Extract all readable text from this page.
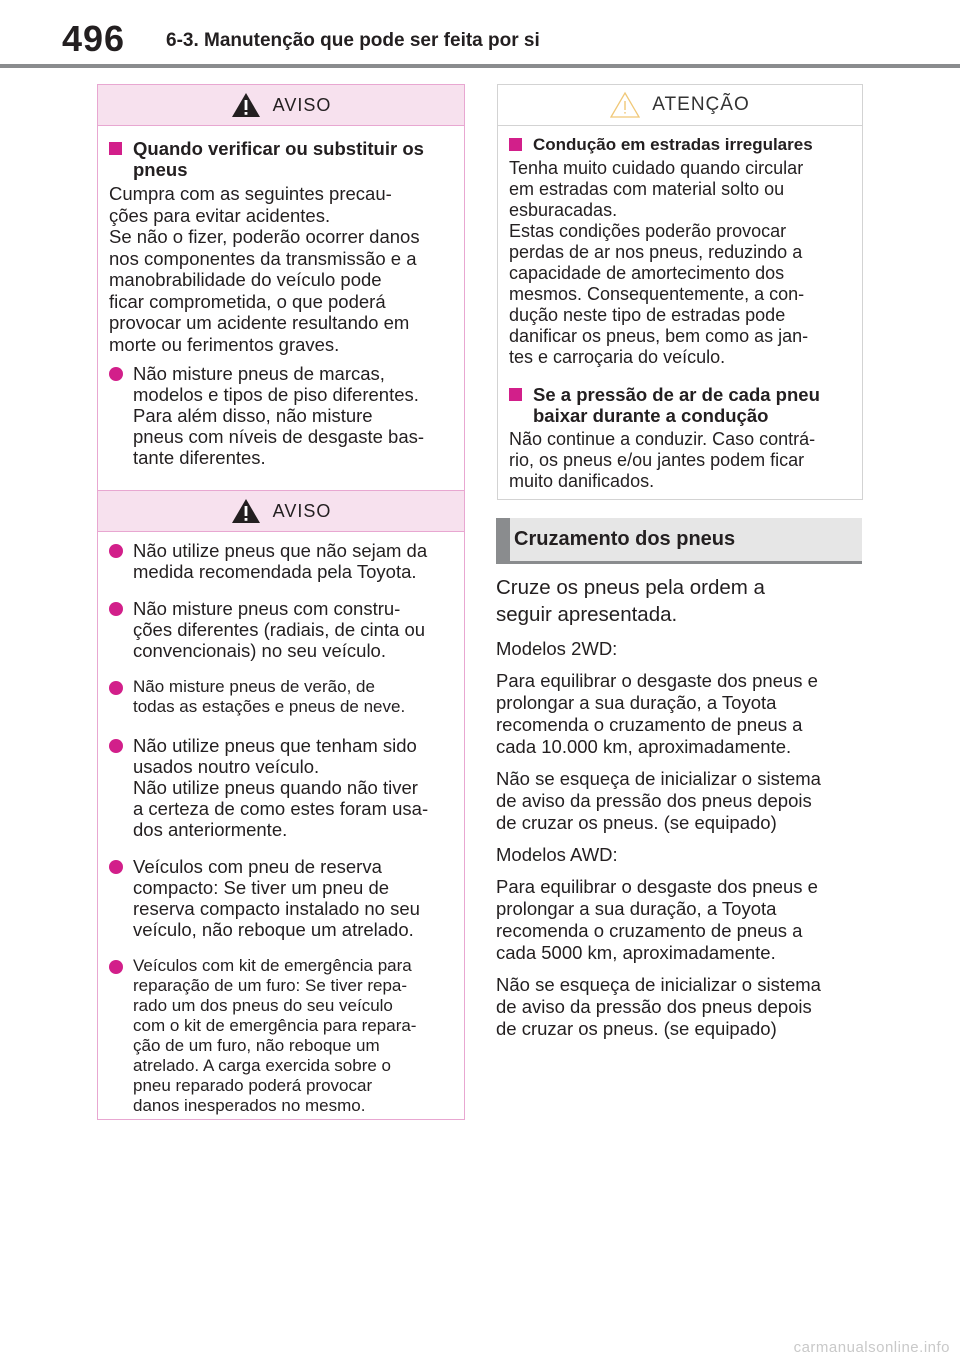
496 6-3. Manutenção que pode ser feita por si
AVISO
Quando verificar ou substituir os
pneus
Cumpra com as seguintes precau-
ções para evitar acidentes.
Se não o fizer, poderão ocorrer danos
nos componentes da transmissão e a
manobrabilidade do veículo pode
ficar comprometida, o que poderá
provocar um acidente resultando em
morte ou ferimentos graves.
Não misture pneus de marcas,
modelos e tipos de piso diferentes.
Para além disso, não misture
pneus com níveis de desgaste bas-
tante diferentes.
AVISO
Não utilize pneus que não sejam da
medida recomendada pela Toyota.
Não misture pneus com constru-
ções diferentes (radiais, de cinta ou
convencionais) no seu veículo.
Não misture pneus de verão, de
todas as estações e pneus de neve.
Não utilize pneus que tenham sido
usados noutro veículo.
Não utilize pneus quando não tiver
a certeza de como estes foram usa-
dos anteriormente.
Veículos com pneu de reserva
compacto: Se tiver um pneu de
reserva compacto instalado no seu
veículo, não reboque um atrelado.
Veículos com kit de emergência para
reparação de um furo: Se tiver repa-
rado um dos pneus do seu veículo
com o kit de emergência para repara-
ção de um furo, não reboque um
atrelado. A carga exercida sobre o
pneu reparado poderá provocar
danos inesperados no mesmo.
ATENÇÃO
Condução em estradas irregulares
Tenha muito cuidado quando circular
em estradas com material solto ou
esburacadas.
Estas condições poderão provocar
perdas de ar nos pneus, reduzindo a
capacidade de amortecimento dos
mesmos. Consequentemente, a con-
dução neste tipo de estradas pode
danificar os pneus, bem como as jan-
tes e carroçaria do veículo.
Se a pressão de ar de cada pneu
baixar durante a condução
Não continue a conduzir. Caso contrá-
rio, os pneus e/ou jantes podem ficar
muito danificados.
Cruzamento dos pneus
Cruze os pneus pela ordem a
seguir apresentada.
Modelos 2WD:
Para equilibrar o desgaste dos pneus e
prolongar a sua duração, a Toyota
recomenda o cruzamento de pneus a
cada 10.000 km, aproximadamente.
Não se esqueça de inicializar o sistema
de aviso da pressão dos pneus depois
de cruzar os pneus. (se equipado)
Modelos AWD:
Para equilibrar o desgaste dos pneus e
prolongar a sua duração, a Toyota
recomenda o cruzamento de pneus a
cada 5000 km, aproximadamente.
Não se esqueça de inicializar o sistema
de aviso da pressão dos pneus depois
de cruzar os pneus. (se equipado)
carmanualsonline.info
